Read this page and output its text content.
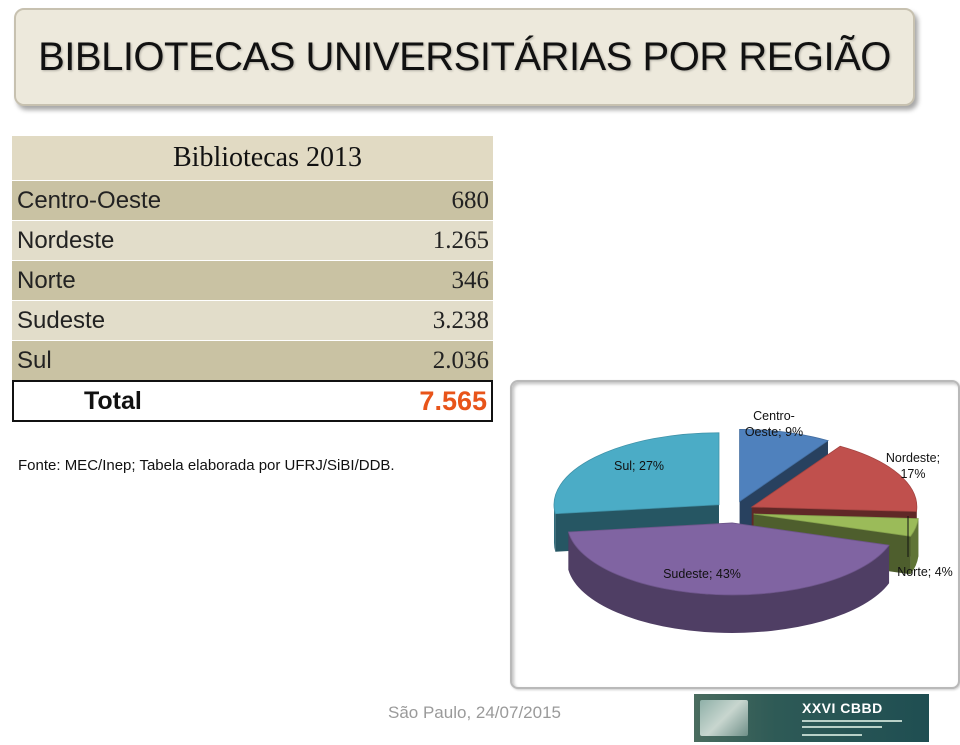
BIBLIOTECAS UNIVERSITÁRIAS POR REGIÃO
Bibliotecas 2013
Centro-Oeste	680
Nordeste	1.265
Norte	346
Sudeste	3.238
Sul	2.036
Total	7.565
Fonte: MEC/Inep; Tabela elaborada por UFRJ/SiBI/DDB.
Centro-Oeste; 9%
Nordeste; 17%
Norte; 4%
Sudeste; 43%
Sul; 27%
São Paulo, 24/07/2015	XXVI CBBD
